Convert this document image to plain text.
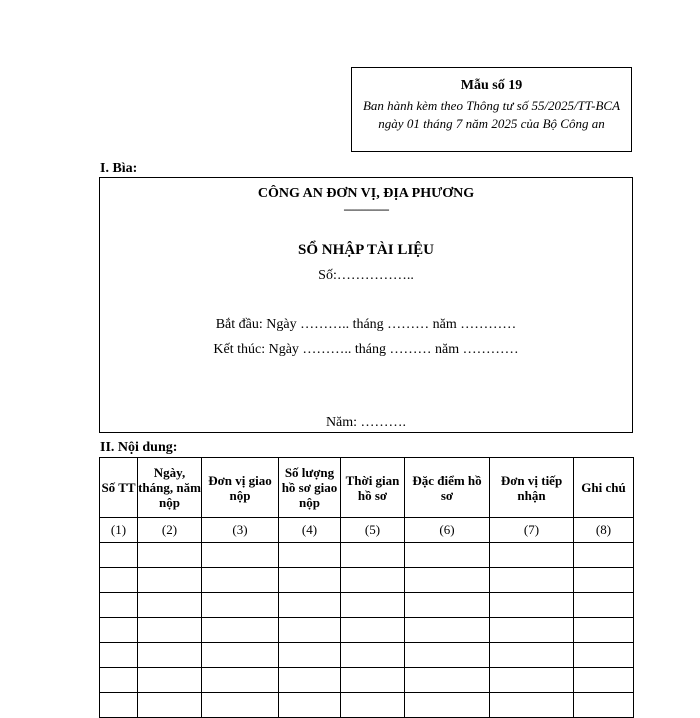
Mẫu số 19
Ban hành kèm theo Thông tư số 55/2025/TT-BCA ngày 01 tháng 7 năm 2025 của Bộ Công an
I. Bìa:
CÔNG AN ĐƠN VỊ, ĐỊA PHƯƠNG
---------------
SỔ NHẬP TÀI LIỆU
Số:……………..
Bắt đầu: Ngày ……….. tháng ……… năm …………
Kết thúc: Ngày ……….. tháng ……… năm …………
Năm: ……….
II. Nội dung:
Số TT	Ngày, tháng, năm nộp	Đơn vị giao nộp	Số lượng hồ sơ giao nộp	Thời gian hồ sơ	Đặc điểm hồ sơ	Đơn vị tiếp nhận	Ghi chú
(1)	(2)	(3)	(4)	(5)	(6)	(7)	(8)
